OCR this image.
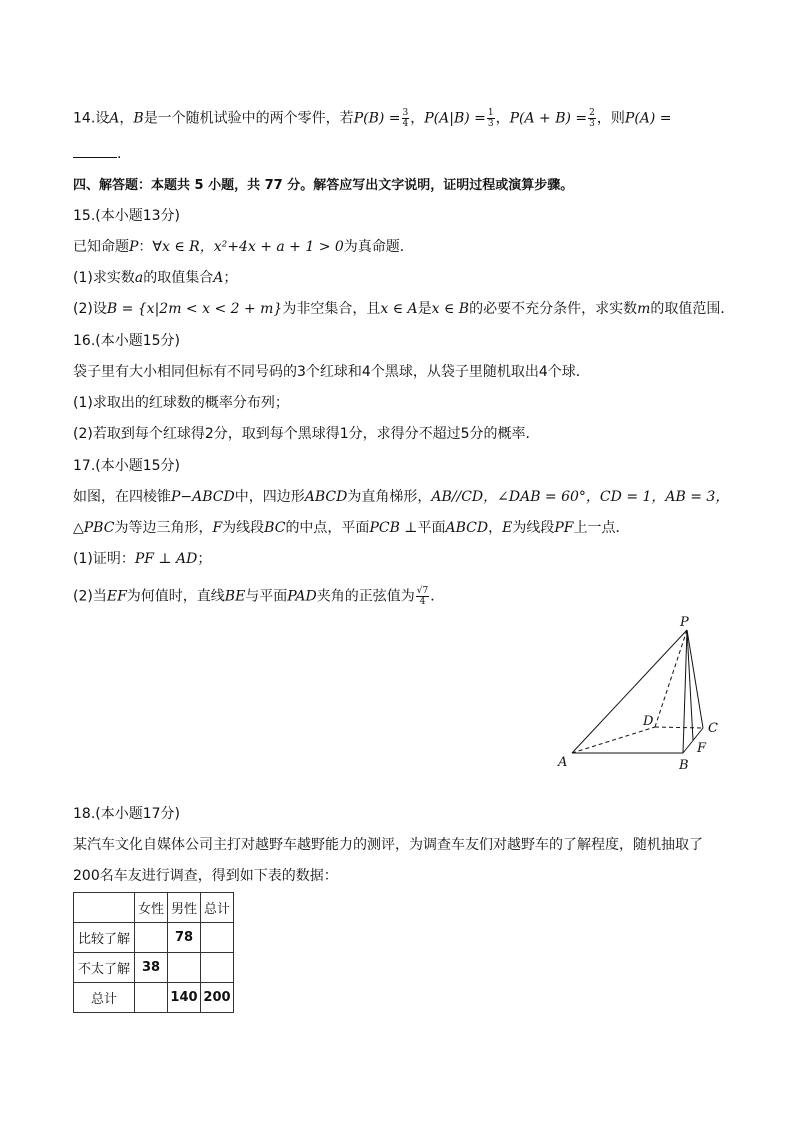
14.设A，B是一个随机试验中的两个零件，若$P(B) = \frac{3}{4}$ ，$P(A|B) = \frac{1}{3}$ ，$P(A + B) = \frac{2}{3}$ ，则P(A) =
.
四、解答题：本题共 5 小题，共 77 分。解答应写出文字说明，证明过程或演算步骤。
15.(本小题13分)
已知命题P：∀x ∈ R，x²+4x + a + 1 > 0为真命题．
(1)求实数a的取值集合A；
(2)设B = {x|2m < x < 2 + m}为非空集合，且x ∈ A是x ∈ B的必要不充分条件，求实数m的取值范围．
16.(本小题15分)
袋子里有大小相同但标有不同号码的3个红球和4个黑球，从袋子里随机取出4个球．
(1)求取出的红球数的概率分布列；
(2)若取到每个红球得2分，取到每个黑球得1分，求得分不超过5分的概率．
17.(本小题15分)
如图，在四棱锥P−ABCD中，四边形ABCD为直角梯形，AB//CD，∠DAB = 60°，CD = 1，AB = 3，
△PBC为等边三角形，F为线段BC的中点，平面PCB ⊥平面ABCD，E为线段PF上一点．
(1)证明：PF ⊥ AD；
(2)当EF为何值时，直线BE与平面PAD夹角的正弦值为 $\frac{√7}{4}$ ．
P
D	C
A	B
F
18.(本小题17分)
某汽车文化自媒体公司主打对越野车越野能力的测评，为调查车友们对越野车的了解程度，随机抽取了
200名车友进行调查，得到如下表的数据：
	女性	男性	总计
比较了解		78	
不太了解	38		
总计		140	200
